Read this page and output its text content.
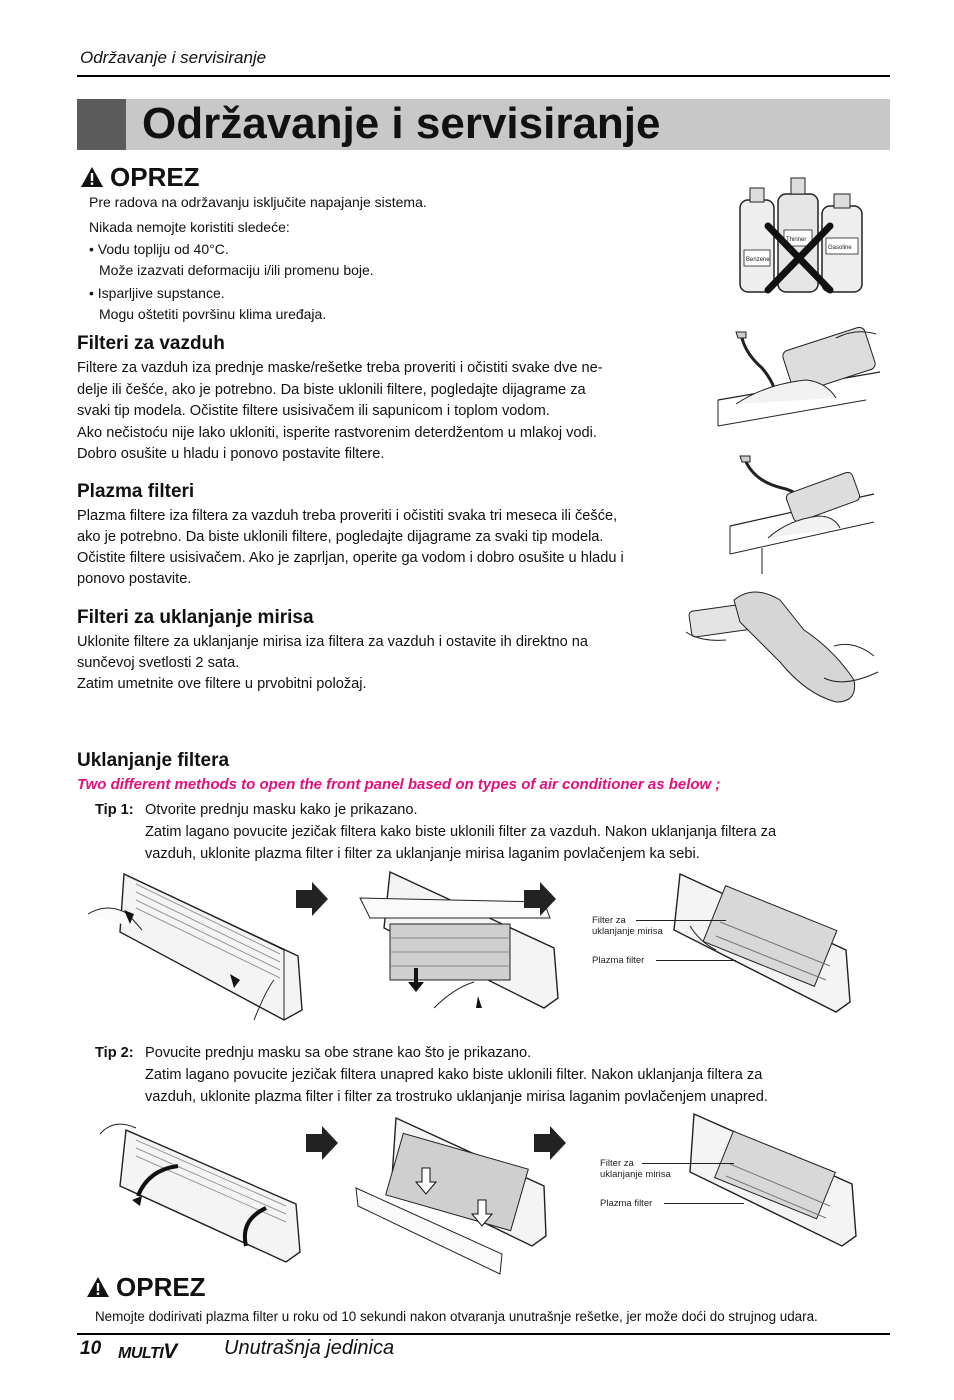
Održavanje i servisiranje
Održavanje i servisiranje
OPREZ
Pre radova na održavanju isključite napajanje sistema.
Nikada nemojte koristiti sledeće:
• Vodu topliju od 40°C.
Može izazvati deformaciju i/ili promenu boje.
• Isparljive supstance.
Mogu oštetiti površinu klima uređaja.
Benzene
Thinner
Gasoline
Filteri za vazduh
Filtere za vazduh iza prednje maske/rešetke treba proveriti i očistiti svake dve ne-
delje ili češće, ako je potrebno. Da biste uklonili filtere, pogledajte dijagrame za
svaki tip modela. Očistite filtere usisivačem ili sapunicom i toplom vodom.
Ako nečistoću nije lako ukloniti, isperite rastvorenim deterdžentom u mlakoj vodi.
Dobro osušite u hladu i ponovo postavite filtere.
Plazma filteri
Plazma filtere iza filtera za vazduh treba proveriti i očistiti svaka tri meseca ili češće,
ako je potrebno. Da biste uklonili filtere, pogledajte dijagrame za svaki tip modela.
Očistite filtere usisivačem. Ako je zaprljan, operite ga vodom i dobro osušite u hladu i
ponovo postavite.
Filteri za uklanjanje mirisa
Uklonite filtere za uklanjanje mirisa iza filtera za vazduh i ostavite ih direktno na
sunčevoj svetlosti 2 sata.
Zatim umetnite ove filtere u prvobitni položaj.
Uklanjanje filtera
Two different methods to open the front panel based on types of air conditioner as below ;
Tip 1: Otvorite prednju masku kako je prikazano.
Zatim lagano povucite jezičak filtera kako biste uklonili filter za vazduh. Nakon uklanjanja filtera za
vazduh, uklonite plazma filter i filter za uklanjanje mirisa laganim povlačenjem ka sebi.
Filter za
uklanjanje mirisa
Plazma filter
Tip 2: Povucite prednju masku sa obe strane kao što je prikazano.
Zatim lagano povucite jezičak filtera unapred kako biste uklonili filter. Nakon uklanjanja filtera za
vazduh, uklonite plazma filter i filter za trostruko uklanjanje mirisa laganim povlačenjem unapred.
Filter za
uklanjanje mirisa
Plazma filter
OPREZ
Nemojte dodirivati plazma filter u roku od 10 sekundi nakon otvaranja unutrašnje rešetke, jer može doći do strujnog udara.
10 MULTIV Unutrašnja jedinica
